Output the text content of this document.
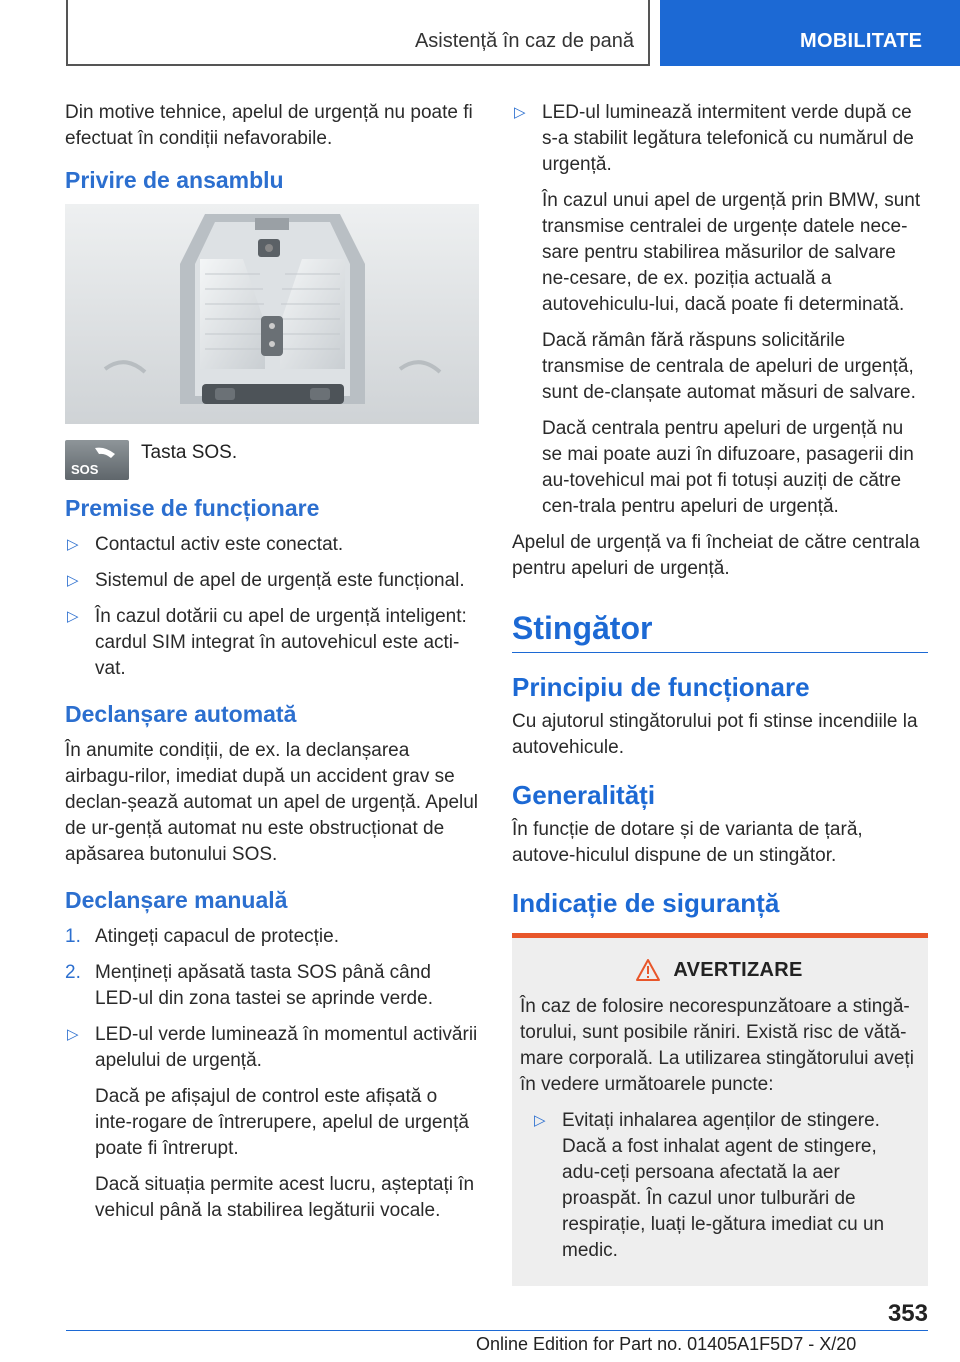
Asistență în caz de pană	MOBILITATE

Din motive tehnice, apelul de urgență nu poate fi efectuat în condiții nefavorabile.

Privire de ansamblu
SOS
Tasta SOS.
Premise de funcționare
▷ Contactul activ este conectat.
▷ Sistemul de apel de urgență este funcțional.
▷ În cazul dotării cu apel de urgență inteligent: cardul SIM integrat în autovehicul este acti-vat.
Declanșare automată

În anumite condiții, de ex. la declanșarea airbagu-rilor, imediat după un accident grav se declan-șează automat un apel de urgență. Apelul de ur-gență automat nu este obstrucționat de apăsarea butonului SOS.

Declanșare manuală
1. Atingeți capacul de protecție.
2. Mențineți apăsată tasta SOS până când LED-ul din zona tastei se aprinde verde.
▷ LED-ul verde luminează în momentul activării apelului de urgență.

Dacă pe afișajul de control este afișată o inte-rogare de întrerupere, apelul de urgență poate fi întrerupt.

Dacă situația permite acest lucru, așteptați în vehicul până la stabilirea legăturii vocale.

▷ LED-ul luminează intermitent verde după ce s-a stabilit legătura telefonică cu numărul de urgență.

În cazul unui apel de urgență prin BMW, sunt transmise centralei de urgențe datele nece-sare pentru stabilirea măsurilor de salvare ne-cesare, de ex. poziția actuală a autovehiculu-lui, dacă poate fi determinată.

Dacă rămân fără răspuns solicitările transmise de centrala de apeluri de urgență, sunt de-clanșate automat măsuri de salvare.

Dacă centrala pentru apeluri de urgență nu se mai poate auzi în difuzoare, pasagerii din au-tovehicul mai pot fi totuși auziți de către cen-trala pentru apeluri de urgență.

Apelul de urgență va fi încheiat de către centrala pentru apeluri de urgență.

Stingător
Principiu de funcționare

Cu ajutorul stingătorului pot fi stinse incendiile la autovehicule.

Generalități

În funcție de dotare și de varianta de țară, autove-hiculul dispune de un stingător.

Indicație de siguranță
AVERTIZARE

În caz de folosire necorespunzătoare a stingă-torului, sunt posibile răniri. Există risc de vătă-mare corporală. La utilizarea stingătorului aveți în vedere următoarele puncte:

▷ Evitați inhalarea agenților de stingere. Dacă a fost inhalat agent de stingere, adu-ceți persoana afectată la aer proaspăt. În cazul unor tulburări de respirație, luați le-gătura imediat cu un medic.
353
Online Edition for Part no. 01405A1F5D7 - X/20
